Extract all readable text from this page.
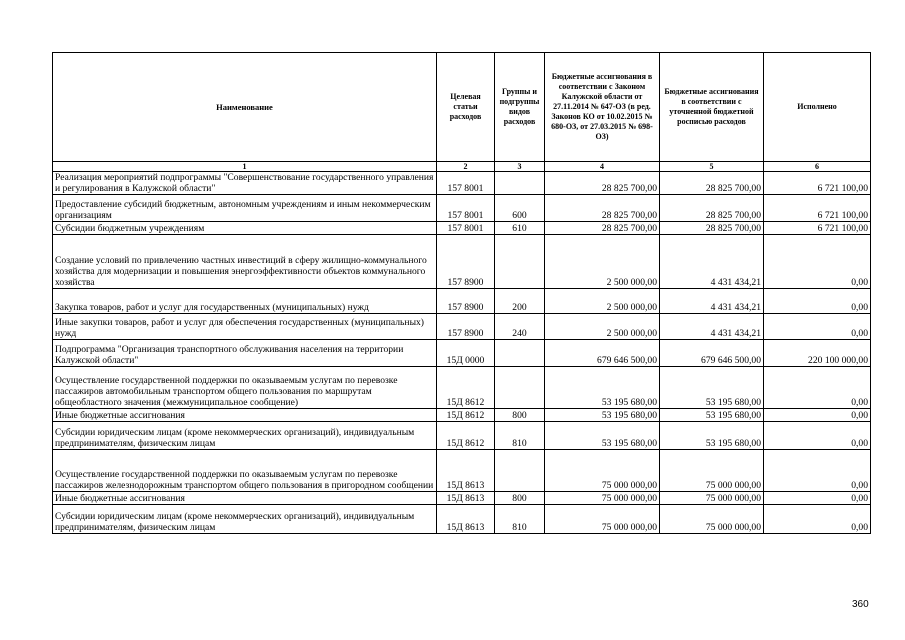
Наименование	Целевая статьи расходов	Группы и подгруппы видов расходов	Бюджетные ассигнования в соответствии с Законом Калужской области от 27.11.2014 № 647-ОЗ (в ред. Законов КО от 10.02.2015 № 680-ОЗ, от 27.03.2015 № 698-ОЗ)	Бюджетные ассигнования в соответствии с уточненной бюджетной росписью расходов	Исполнено
1	2	3	4	5	6
Реализация мероприятий подпрограммы "Совершенствование государственного управления и регулирования в Калужской области"	157 8001		28 825 700,00	28 825 700,00	6 721 100,00
Предоставление субсидий бюджетным, автономным учреждениям и иным некоммерческим организациям	157 8001	600	28 825 700,00	28 825 700,00	6 721 100,00
Субсидии бюджетным учреждениям	157 8001	610	28 825 700,00	28 825 700,00	6 721 100,00
Создание условий по привлечению частных инвестиций в сферу жилищно-коммунального хозяйства для модернизации и повышения энергоэффективности объектов коммунального хозяйства	157 8900		2 500 000,00	4 431 434,21	0,00
Закупка товаров, работ и услуг для государственных (муниципальных) нужд	157 8900	200	2 500 000,00	4 431 434,21	0,00
Иные закупки товаров, работ и услуг для обеспечения государственных (муниципальных) нужд	157 8900	240	2 500 000,00	4 431 434,21	0,00
Подпрограмма "Организация транспортного обслуживания населения на территории Калужской области"	15Д 0000		679 646 500,00	679 646 500,00	220 100 000,00
Осуществление государственной поддержки по оказываемым услугам по перевозке пассажиров автомобильным транспортом общего пользования по маршрутам общеобластного значения (межмуниципальное сообщение)	15Д 8612		53 195 680,00	53 195 680,00	0,00
Иные бюджетные ассигнования	15Д 8612	800	53 195 680,00	53 195 680,00	0,00
Субсидии юридическим лицам (кроме некоммерческих организаций), индивидуальным предпринимателям, физическим лицам	15Д 8612	810	53 195 680,00	53 195 680,00	0,00
Осуществление государственной поддержки по оказываемым услугам по перевозке пассажиров железнодорожным транспортом общего пользования в пригородном сообщении	15Д 8613		75 000 000,00	75 000 000,00	0,00
Иные бюджетные ассигнования	15Д 8613	800	75 000 000,00	75 000 000,00	0,00
Субсидии юридическим лицам (кроме некоммерческих организаций), индивидуальным предпринимателям, физическим лицам	15Д 8613	810	75 000 000,00	75 000 000,00	0,00
360
